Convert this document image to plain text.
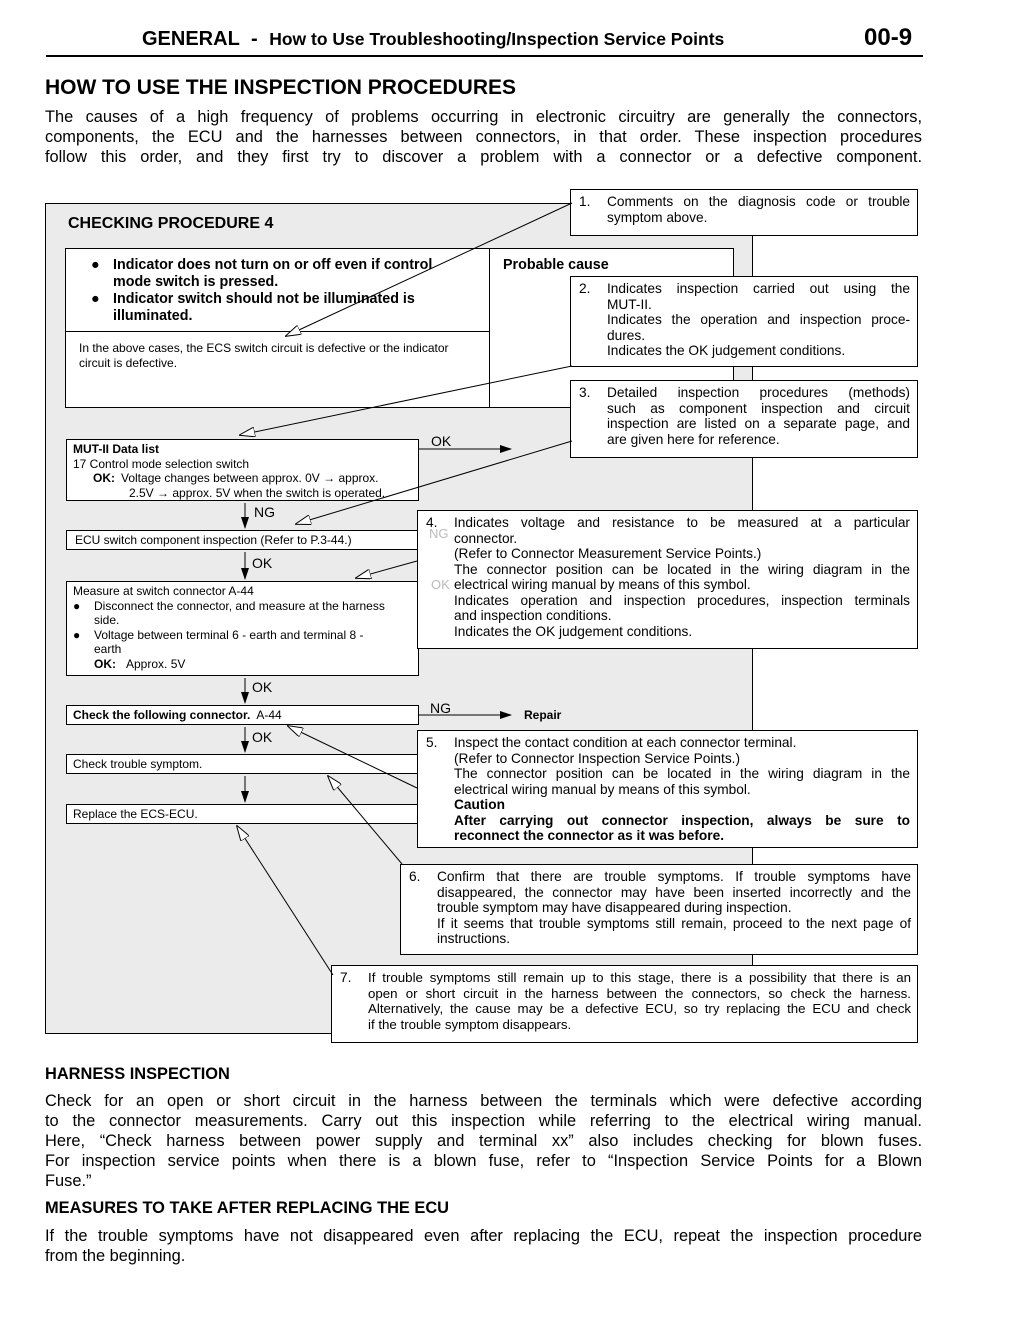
GENERAL - How to Use Troubleshooting/Inspection Service Points	00-9
HOW TO USE THE INSPECTION PROCEDURES

The causes of a high frequency of problems occurring in electronic circuitry are generally the connectors,

components, the ECU and the harnesses between connectors, in that order. These inspection procedures

follow this order, and they first try to discover a problem with a connector or a defective component.

CHECKING PROCEDURE 4
● Indicator does not turn on or off even if control
mode switch is pressed.
● Indicator switch should not be illuminated is
illuminated.
Probable cause
In the above cases, the ECS switch circuit is defective or the indicator
circuit is defective.
MUT-II Data list
17 Control mode selection switch
OK: Voltage changes between approx. 0V → approx.
2.5V → approx. 5V when the switch is operated.
OK
NG
ECU switch component inspection (Refer to P.3-44.)
OK
Measure at switch connector A-44
● Disconnect the connector, and measure at the harness
side.
● Voltage between terminal 6 - earth and terminal 8 -
earth
OK: Approx. 5V
OK
Check the following connector. A-44	NG	Repair
OK
Check trouble symptom.
Replace the ECS-ECU.
1. Comments on the diagnosis code or trouble

symptom above.

2. Indicates inspection carried out using the

MUT-II.

Indicates the operation and inspection proce-

dures.

Indicates the OK judgement conditions.

3. Detailed inspection procedures (methods)

such as component inspection and circuit

inspection are listed on a separate page, and

are given here for reference.

4. Indicates voltage and resistance to be measured at a particular

connector.

(Refer to Connector Measurement Service Points.)

The connector position can be located in the wiring diagram in the

electrical wiring manual by means of this symbol.

Indicates operation and inspection procedures, inspection terminals

and inspection conditions.

Indicates the OK judgement conditions.

NG
OK
5. Inspect the contact condition at each connector terminal.

(Refer to Connector Inspection Service Points.)

The connector position can be located in the wiring diagram in the

electrical wiring manual by means of this symbol.

Caution

After carrying out connector inspection, always be sure to

reconnect the connector as it was before.

6. Confirm that there are trouble symptoms. If trouble symptoms have

disappeared, the connector may have been inserted incorrectly and the

trouble symptom may have disappeared during inspection.

If it seems that trouble symptoms still remain, proceed to the next page of

instructions.

7. If trouble symptoms still remain up to this stage, there is a possibility that there is an

open or short circuit in the harness between the connectors, so check the harness.

Alternatively, the cause may be a defective ECU, so try replacing the ECU and check

if the trouble symptom disappears.

HARNESS INSPECTION

Check for an open or short circuit in the harness between the terminals which were defective according

to the connector measurements. Carry out this inspection while referring to the electrical wiring manual.

Here, “Check harness between power supply and terminal xx” also includes checking for blown fuses.

For inspection service points when there is a blown fuse, refer to “Inspection Service Points for a Blown

Fuse.”

MEASURES TO TAKE AFTER REPLACING THE ECU

If the trouble symptoms have not disappeared even after replacing the ECU, repeat the inspection procedure

from the beginning.
